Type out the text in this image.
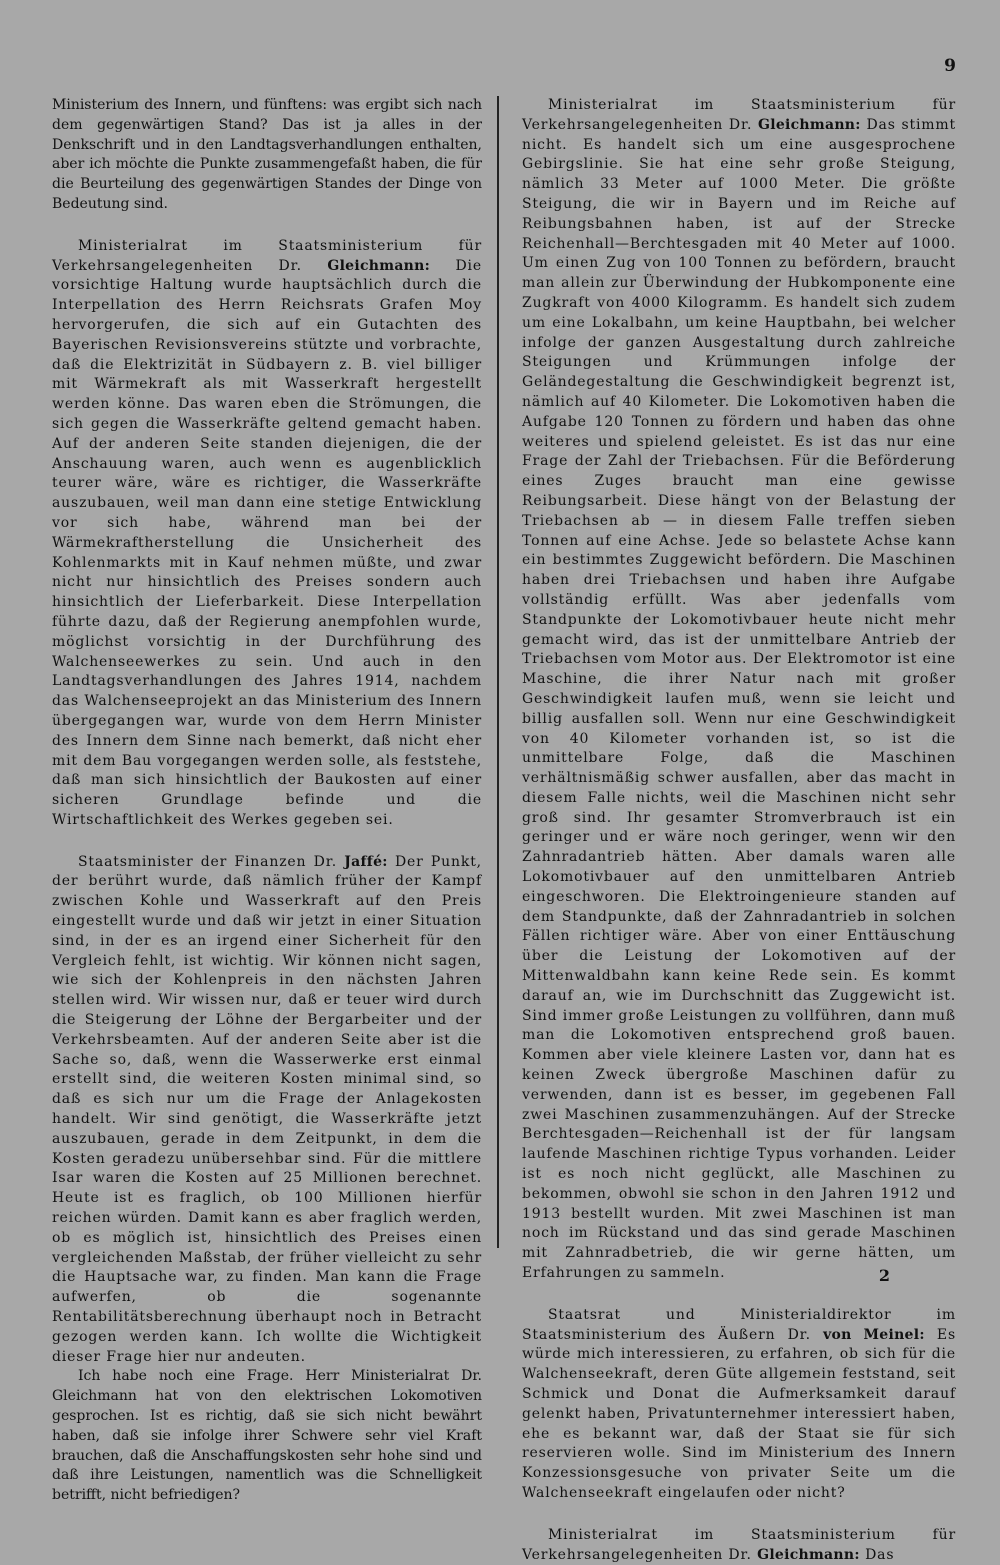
9

Ministerium des Innern, und fünftens: was ergibt sich nach dem gegenwärtigen Stand? Das ist ja alles in der Denkschrift und in den Landtagsverhandlungen enthalten, aber ich möchte die Punkte zusammengefaßt haben, die für die Beurteilung des gegenwärtigen Standes der Dinge von Bedeutung sind.

Ministerialrat im Staatsministerium für Verkehrsangelegenheiten Dr. Gleichmann: Die vorsichtige Haltung wurde hauptsächlich durch die Interpellation des Herrn Reichsrats Grafen Moy hervorgerufen, die sich auf ein Gutachten des Bayerischen Revisionsvereins stützte und vorbrachte, daß die Elektrizität in Südbayern z. B. viel billiger mit Wärmekraft als mit Wasserkraft hergestellt werden könne. Das waren eben die Strömungen, die sich gegen die Wasserkräfte geltend gemacht haben. Auf der anderen Seite standen diejenigen, die der Anschauung waren, auch wenn es augenblicklich teurer wäre, wäre es richtiger, die Wasserkräfte auszubauen, weil man dann eine stetige Entwicklung vor sich habe, während man bei der Wärmekraftherstellung die Unsicherheit des Kohlenmarkts mit in Kauf nehmen müßte, und zwar nicht nur hinsichtlich des Preises sondern auch hinsichtlich der Lieferbarkeit. Diese Interpellation führte dazu, daß der Regierung anempfohlen wurde, möglichst vorsichtig in der Durchführung des Walchenseewerkes zu sein. Und auch in den Landtagsverhandlungen des Jahres 1914, nachdem das Walchenseeprojekt an das Ministerium des Innern übergegangen war, wurde von dem Herrn Minister des Innern dem Sinne nach bemerkt, daß nicht eher mit dem Bau vorgegangen werden solle, als feststehe, daß man sich hinsichtlich der Baukosten auf einer sicheren Grundlage befinde und die Wirtschaftlichkeit des Werkes gegeben sei.

Staatsminister der Finanzen Dr. Jaffé: Der Punkt, der berührt wurde, daß nämlich früher der Kampf zwischen Kohle und Wasserkraft auf den Preis eingestellt wurde und daß wir jetzt in einer Situation sind, in der es an irgend einer Sicherheit für den Vergleich fehlt, ist wichtig. Wir können nicht sagen, wie sich der Kohlenpreis in den nächsten Jahren stellen wird. Wir wissen nur, daß er teuer wird durch die Steigerung der Löhne der Bergarbeiter und der Verkehrsbeamten. Auf der anderen Seite aber ist die Sache so, daß, wenn die Wasserwerke erst einmal erstellt sind, die weiteren Kosten minimal sind, so daß es sich nur um die Frage der Anlagekosten handelt. Wir sind genötigt, die Wasserkräfte jetzt auszubauen, gerade in dem Zeitpunkt, in dem die Kosten geradezu unübersehbar sind. Für die mittlere Isar waren die Kosten auf 25 Millionen berechnet. Heute ist es fraglich, ob 100 Millionen hierfür reichen würden. Damit kann es aber fraglich werden, ob es möglich ist, hinsichtlich des Preises einen vergleichenden Maßstab, der früher vielleicht zu sehr die Hauptsache war, zu finden. Man kann die Frage aufwerfen, ob die sogenannte Rentabilitätsberechnung überhaupt noch in Betracht gezogen werden kann. Ich wollte die Wichtigkeit dieser Frage hier nur andeuten.

Ich habe noch eine Frage. Herr Ministerialrat Dr. Gleichmann hat von den elektrischen Lokomotiven gesprochen. Ist es richtig, daß sie sich nicht bewährt haben, daß sie infolge ihrer Schwere sehr viel Kraft brauchen, daß die Anschaffungskosten sehr hohe sind und daß ihre Leistungen, namentlich was die Schnelligkeit betrifft, nicht befriedigen?

Ministerialrat im Staatsministerium für Verkehrsangelegenheiten Dr. Gleichmann: Das stimmt nicht. Es handelt sich um eine ausgesprochene Gebirgslinie. Sie hat eine sehr große Steigung, nämlich 33 Meter auf 1000 Meter. Die größte Steigung, die wir in Bayern und im Reiche auf Reibungsbahnen haben, ist auf der Strecke Reichenhall—Berchtesgaden mit 40 Meter auf 1000. Um einen Zug von 100 Tonnen zu befördern, braucht man allein zur Überwindung der Hubkomponente eine Zugkraft von 4000 Kilogramm. Es handelt sich zudem um eine Lokalbahn, um keine Hauptbahn, bei welcher infolge der ganzen Ausgestaltung durch zahlreiche Steigungen und Krümmungen infolge der Geländegestaltung die Geschwindigkeit begrenzt ist, nämlich auf 40 Kilometer. Die Lokomotiven haben die Aufgabe 120 Tonnen zu fördern und haben das ohne weiteres und spielend geleistet. Es ist das nur eine Frage der Zahl der Triebachsen. Für die Beförderung eines Zuges braucht man eine gewisse Reibungsarbeit. Diese hängt von der Belastung der Triebachsen ab — in diesem Falle treffen sieben Tonnen auf eine Achse. Jede so belastete Achse kann ein bestimmtes Zuggewicht befördern. Die Maschinen haben drei Triebachsen und haben ihre Aufgabe vollständig erfüllt. Was aber jedenfalls vom Standpunkte der Lokomotivbauer heute nicht mehr gemacht wird, das ist der unmittelbare Antrieb der Triebachsen vom Motor aus. Der Elektromotor ist eine Maschine, die ihrer Natur nach mit großer Geschwindigkeit laufen muß, wenn sie leicht und billig ausfallen soll. Wenn nur eine Geschwindigkeit von 40 Kilometer vorhanden ist, so ist die unmittelbare Folge, daß die Maschinen verhältnismäßig schwer ausfallen, aber das macht in diesem Falle nichts, weil die Maschinen nicht sehr groß sind. Ihr gesamter Stromverbrauch ist ein geringer und er wäre noch geringer, wenn wir den Zahnradantrieb hätten. Aber damals waren alle Lokomotivbauer auf den unmittelbaren Antrieb eingeschworen. Die Elektroingenieure standen auf dem Standpunkte, daß der Zahnradantrieb in solchen Fällen richtiger wäre. Aber von einer Enttäuschung über die Leistung der Lokomotiven auf der Mittenwaldbahn kann keine Rede sein. Es kommt darauf an, wie im Durchschnitt das Zuggewicht ist. Sind immer große Leistungen zu vollführen, dann muß man die Lokomotiven entsprechend groß bauen. Kommen aber viele kleinere Lasten vor, dann hat es keinen Zweck übergroße Maschinen dafür zu verwenden, dann ist es besser, im gegebenen Fall zwei Maschinen zusammenzuhängen. Auf der Strecke Berchtesgaden—Reichenhall ist der für langsam laufende Maschinen richtige Typus vorhanden. Leider ist es noch nicht geglückt, alle Maschinen zu bekommen, obwohl sie schon in den Jahren 1912 und 1913 bestellt wurden. Mit zwei Maschinen ist man noch im Rückstand und das sind gerade Maschinen mit Zahnradbetrieb, die wir gerne hätten, um Erfahrungen zu sammeln.

Staatsrat und Ministerialdirektor im Staatsministerium des Äußern Dr. von Meinel: Es würde mich interessieren, zu erfahren, ob sich für die Walchenseekraft, deren Güte allgemein feststand, seit Schmick und Donat die Aufmerksamkeit darauf gelenkt haben, Privatunternehmer interessiert haben, ehe es bekannt war, daß der Staat sie für sich reservieren wolle. Sind im Ministerium des Innern Konzessionsgesuche von privater Seite um die Walchenseekraft eingelaufen oder nicht?

Ministerialrat im Staatsministerium für Verkehrsangelegenheiten Dr. Gleichmann: Das

2
